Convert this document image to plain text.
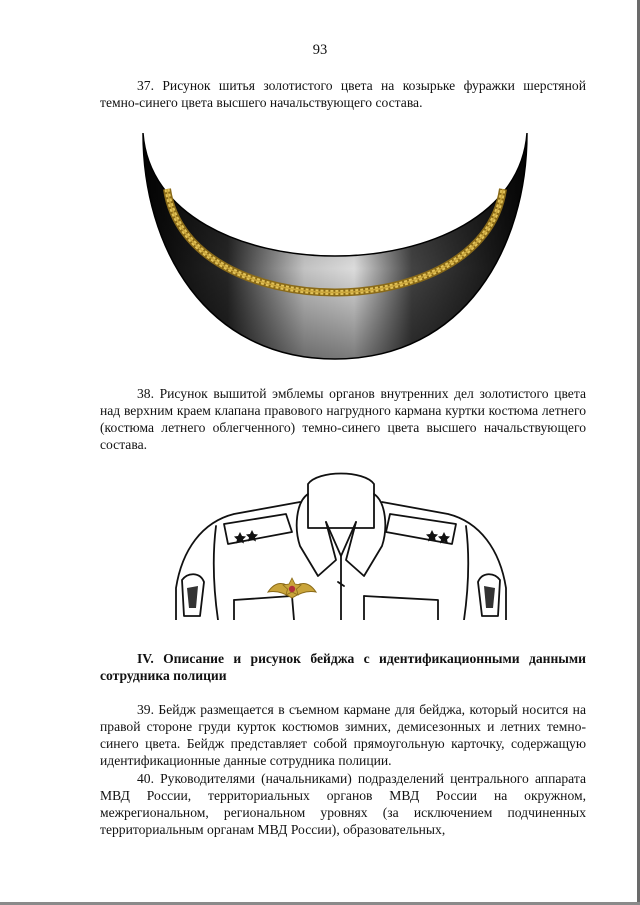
93

37. Рисунок шитья золотистого цвета на козырьке фуражки шерстяной темно-синего цвета высшего начальствующего состава.

38. Рисунок вышитой эмблемы органов внутренних дел золотистого цвета над верхним краем клапана правового нагрудного кармана куртки костюма летнего (костюма летнего облегченного) темно-синего цвета высшего начальствующего состава.

IV. Описание и рисунок бейджа с идентификационными данными сотрудника полиции

39. Бейдж размещается в съемном кармане для бейджа, который носится на правой стороне груди курток костюмов зимних, демисезонных и летних темно-синего цвета. Бейдж представляет собой прямоугольную карточку, содержащую идентификационные данные сотрудника полиции.

40. Руководителями (начальниками) подразделений центрального аппарата МВД России, территориальных органов МВД России на окружном, межрегиональном, региональном уровнях (за исключением подчиненных территориальным органам МВД России), образовательных,
